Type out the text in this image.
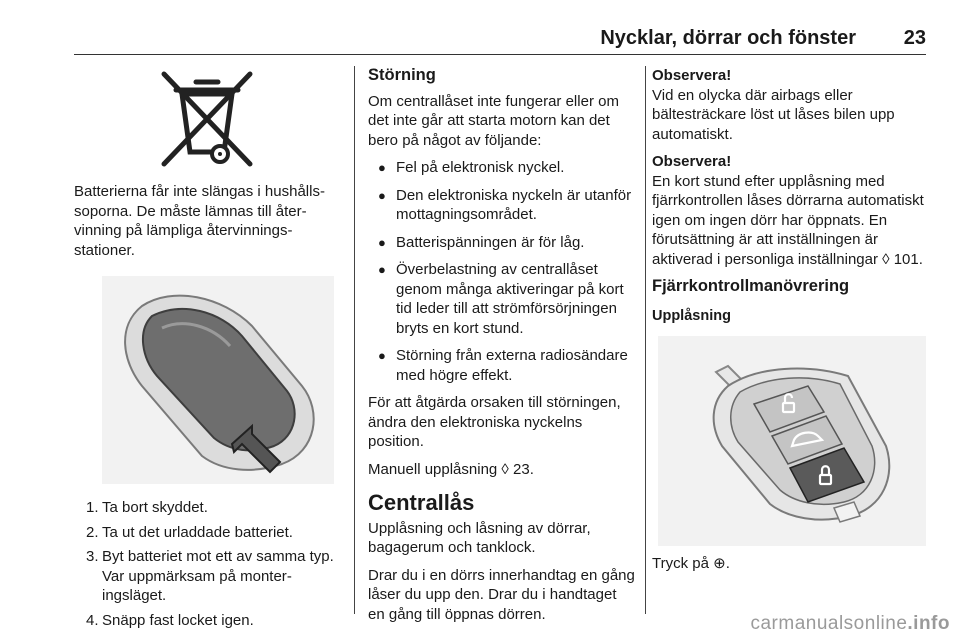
Nycklar, dörrar och fönster 23

Batterierna får inte slängas i hushållssoporna. De måste lämnas till återvinning på lämpliga återvinningsstationer.

1. Ta bort skyddet.
2. Ta ut det urladdade batteriet.
3. Byt batteriet mot ett av samma typ. Var uppmärksam på monteringsläget.
4. Snäpp fast locket igen.
Störning

Om centrallåset inte fungerar eller om det inte går att starta motorn kan det bero på något av följande:

● Fel på elektronisk nyckel.
● Den elektroniska nyckeln är utanför mottagningsområdet.
● Batterispänningen är för låg.
● Överbelastning av centrallåset genom många aktiveringar på kort tid leder till att strömförsörjningen bryts en kort stund.
● Störning från externa radiosändare med högre effekt.

För att åtgärda orsaken till störningen, ändra den elektroniska nyckelns position.

Manuell upplåsning ◊ 23.

Centrallås

Upplåsning och låsning av dörrar, bagagerum och tanklock.

Drar du i en dörrs innerhandtag en gång låser du upp den. Drar du i handtaget en gång till öppnas dörren.

Observera!

Vid en olycka där airbags eller bältesträckare löst ut låses bilen upp automatiskt.

Observera!

En kort stund efter upplåsning med fjärrkontrollen låses dörrarna automatiskt igen om ingen dörr har öppnats. En förutsättning är att inställningen är aktiverad i personliga inställningar ◊ 101.

Fjärrkontrollmanövrering
Upplåsning

Tryck på ⊕.

carmanualsonline.info
